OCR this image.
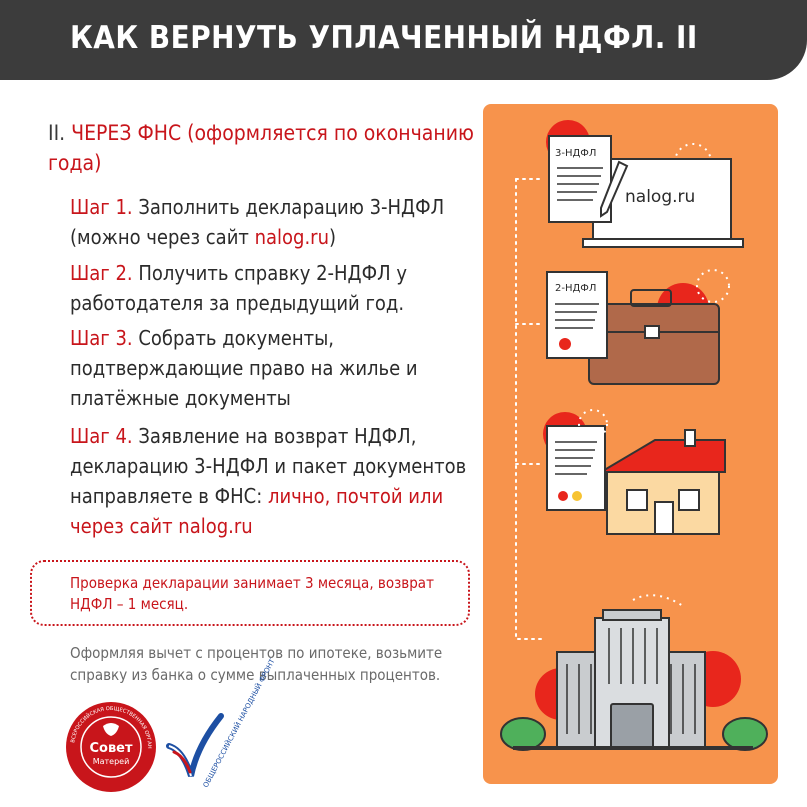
КАК ВЕРНУТЬ УПЛАЧЕННЫЙ НДФЛ. II
II. ЧЕРЕЗ ФНС (оформляется по окончанию года)
Шаг 1. Заполнить декларацию 3-НДФЛ (можно через сайт nalog.ru)
Шаг 2. Получить справку 2-НДФЛ у работодателя за предыдущий год.
Шаг 3. Собрать документы, подтверждающие право на жилье и платёжные документы
Шаг 4. Заявление на возврат НДФЛ, декларацию 3-НДФЛ и пакет документов направляете в ФНС: лично, почтой или через сайт nalog.ru
Проверка декларации занимает 3 месяца, возврат НДФЛ – 1 месяц.
Оформляя вычет с процентов по ипотеке, возьмите справку из банка о сумме выплаченных процентов.
Совет
Матерей
ВСЕРОССИЙСКАЯ ОБЩЕСТВЕННАЯ ОРГАН	ОБЩЕРОССИЙСКИЙ НАРОДНЫЙ ФРОНТ
nalog.ru
3-НДФЛ
2-НДФЛ
